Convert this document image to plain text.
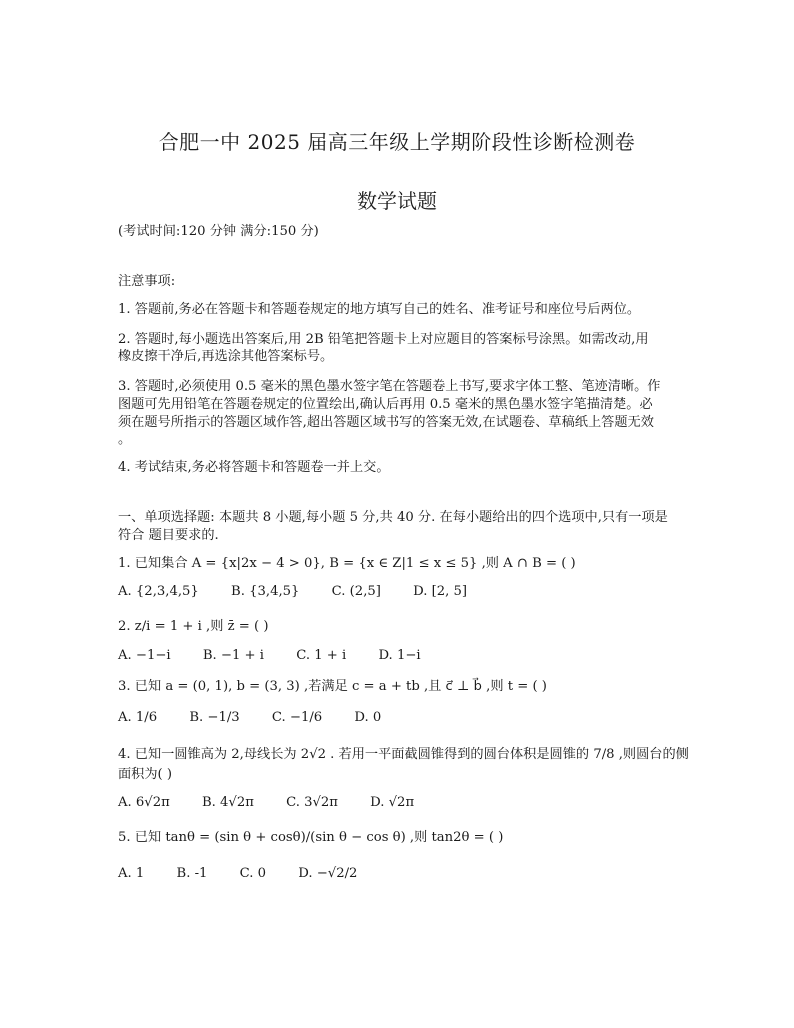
合肥一中 2025 届高三年级上学期阶段性诊断检测卷
数学试题
(考试时间:120 分钟 满分:150 分)
注意事项:
1. 答题前,务必在答题卡和答题卷规定的地方填写自己的姓名、准考证号和座位号后两位。
2. 答题时,每小题选出答案后,用 2B 铅笔把答题卡上对应题目的答案标号涂黑。如需改动,用
橡皮擦干净后,再选涂其他答案标号。
3. 答题时,必须使用 0.5 毫米的黑色墨水签字笔在答题卷上书写,要求字体工整、笔迹清晰。作
图题可先用铅笔在答题卷规定的位置绘出,确认后再用 0.5 毫米的黑色墨水签字笔描清楚。必
须在题号所指示的答题区域作答,超出答题区域书写的答案无效,在试题卷、草稿纸上答题无效
。
4. 考试结束,务必将答题卡和答题卷一并上交。
一、单项选择题: 本题共 8 小题,每小题 5 分,共 40 分. 在每小题给出的四个选项中,只有一项是
符合 题目要求的.
1. 已知集合 A = {x|2x − 4 > 0}, B = {x ∈ Z|1 ≤ x ≤ 5} ,则 A ∩ B = ( )
A. {2,3,4,5} B. {3,4,5} C. (2,5] D. [2, 5]
2. z/i = 1 + i ,则 z̄ = ( )
A. −1−i B. −1 + i C. 1 + i D. 1−i
3. 已知 a = (0, 1), b = (3, 3) ,若满足 c = a + tb ,且 c⃗ ⊥ b⃗ ,则 t = ( )
A. 1/6 B. −1/3 C. −1/6 D. 0
4. 已知一圆锥高为 2,母线长为 2√2 . 若用一平面截圆锥得到的圆台体积是圆锥的 7/8 ,则圆台的侧
面积为( )
A. 6√2π B. 4√2π C. 3√2π D. √2π
5. 已知 tanθ = (sin θ + cosθ)/(sin θ − cos θ) ,则 tan2θ = ( )
A. 1 B. -1 C. 0 D. −√2/2
